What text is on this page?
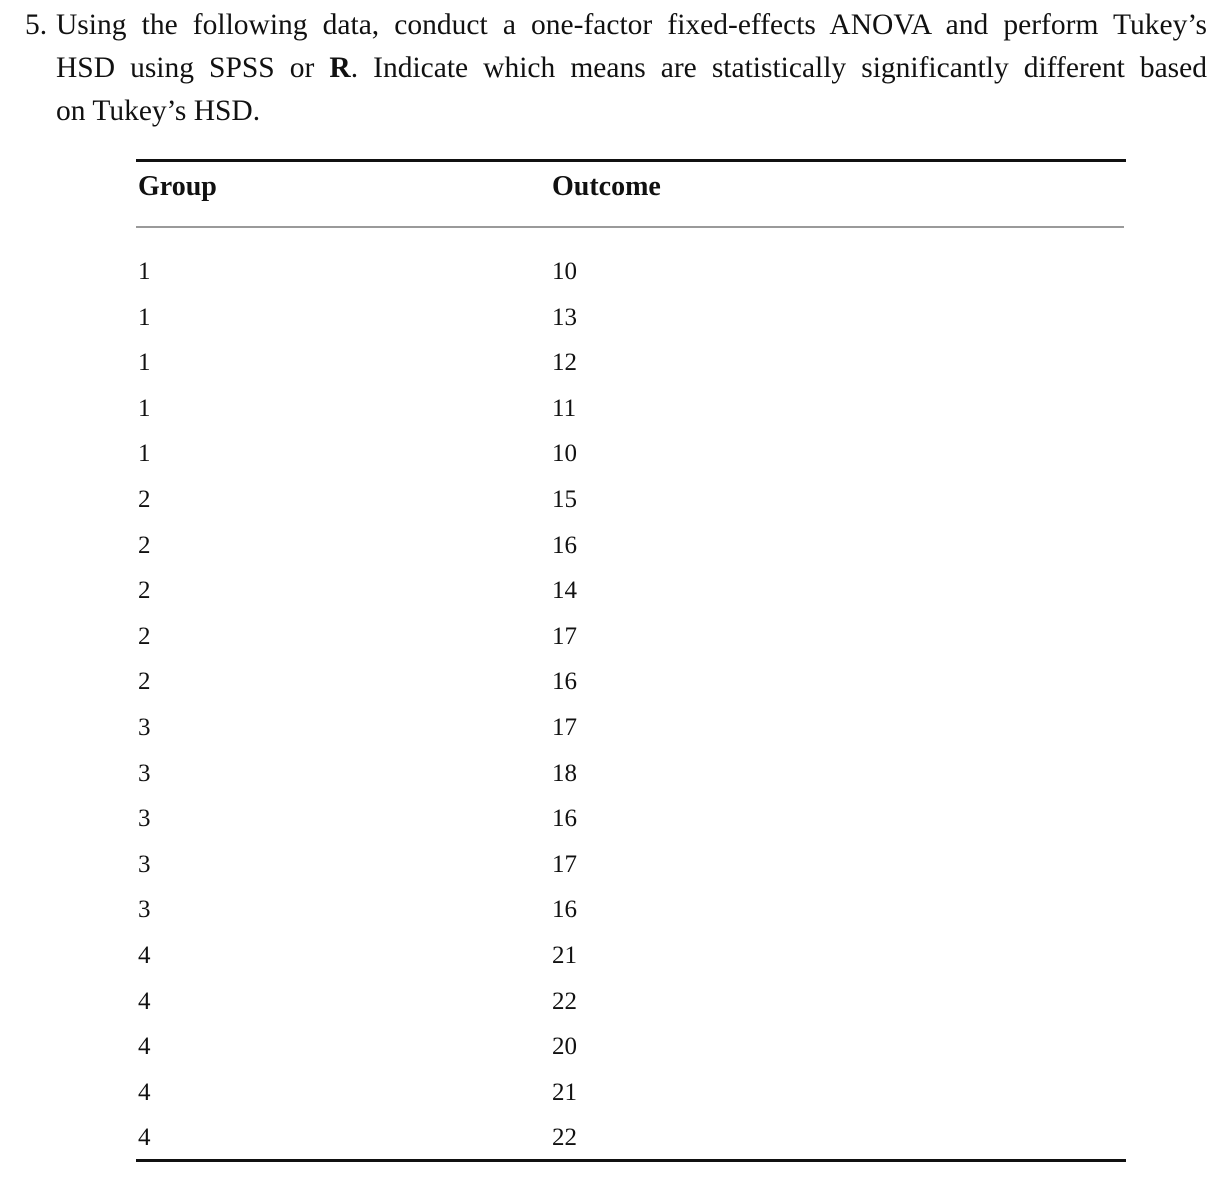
5. Using the following data, conduct a one-factor fixed-effects ANOVA and perform Tukey’s
HSD using SPSS or R. Indicate which means are statistically significantly different based
on Tukey’s HSD.
Group	Outcome
1	10
1	13
1	12
1	11
1	10
2	15
2	16
2	14
2	17
2	16
3	17
3	18
3	16
3	17
3	16
4	21
4	22
4	20
4	21
4	22
